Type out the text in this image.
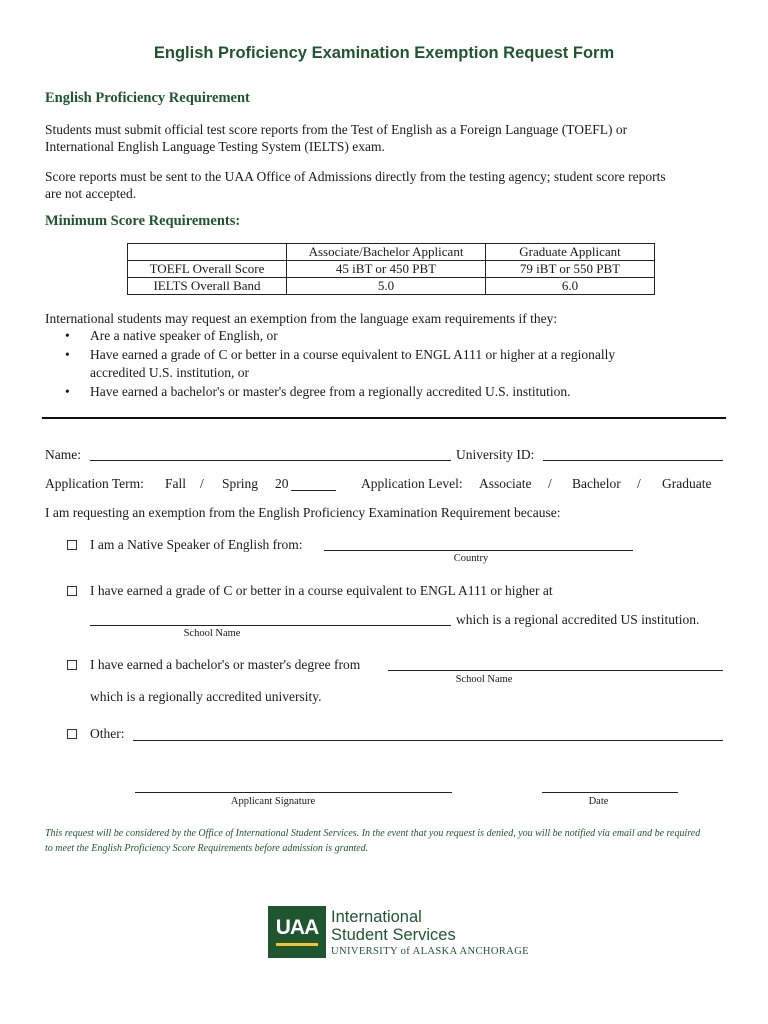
English Proficiency Examination Exemption Request Form
English Proficiency Requirement
Students must submit official test score reports from the Test of English as a Foreign Language (TOEFL) or
International English Language Testing System (IELTS) exam.
Score reports must be sent to the UAA Office of Admissions directly from the testing agency; student score reports
are not accepted.
Minimum Score Requirements:
	Associate/Bachelor Applicant	Graduate Applicant
TOEFL Overall Score	45 iBT or 450 PBT	79 iBT or 550 PBT
IELTS Overall Band	5.0	6.0
International students may request an exemption from the language exam requirements if they:
• Are a native speaker of English, or
• Have earned a grade of C or better in a course equivalent to ENGL A111 or higher at a regionally
accredited U.S. institution, or
• Have earned a bachelor's or master's degree from a regionally accredited U.S. institution.
Name:	University ID:
Application Term: Fall / Spring 20	Application Level: Associate / Bachelor / Graduate
I am requesting an exemption from the English Proficiency Examination Requirement because:
I am a Native Speaker of English from:
Country
I have earned a grade of C or better in a course equivalent to ENGL A111 or higher at
which is a regional accredited US institution.
School Name
I have earned a bachelor's or master's degree from
School Name
which is a regionally accredited university.
Other:
Applicant Signature	Date
This request will be considered by the Office of International Student Services. In the event that you request is denied, you will be notified via email and be required
to meet the English Proficiency Score Requirements before admission is granted.
UAA International
Student Services
UNIVERSITY of ALASKA ANCHORAGE
